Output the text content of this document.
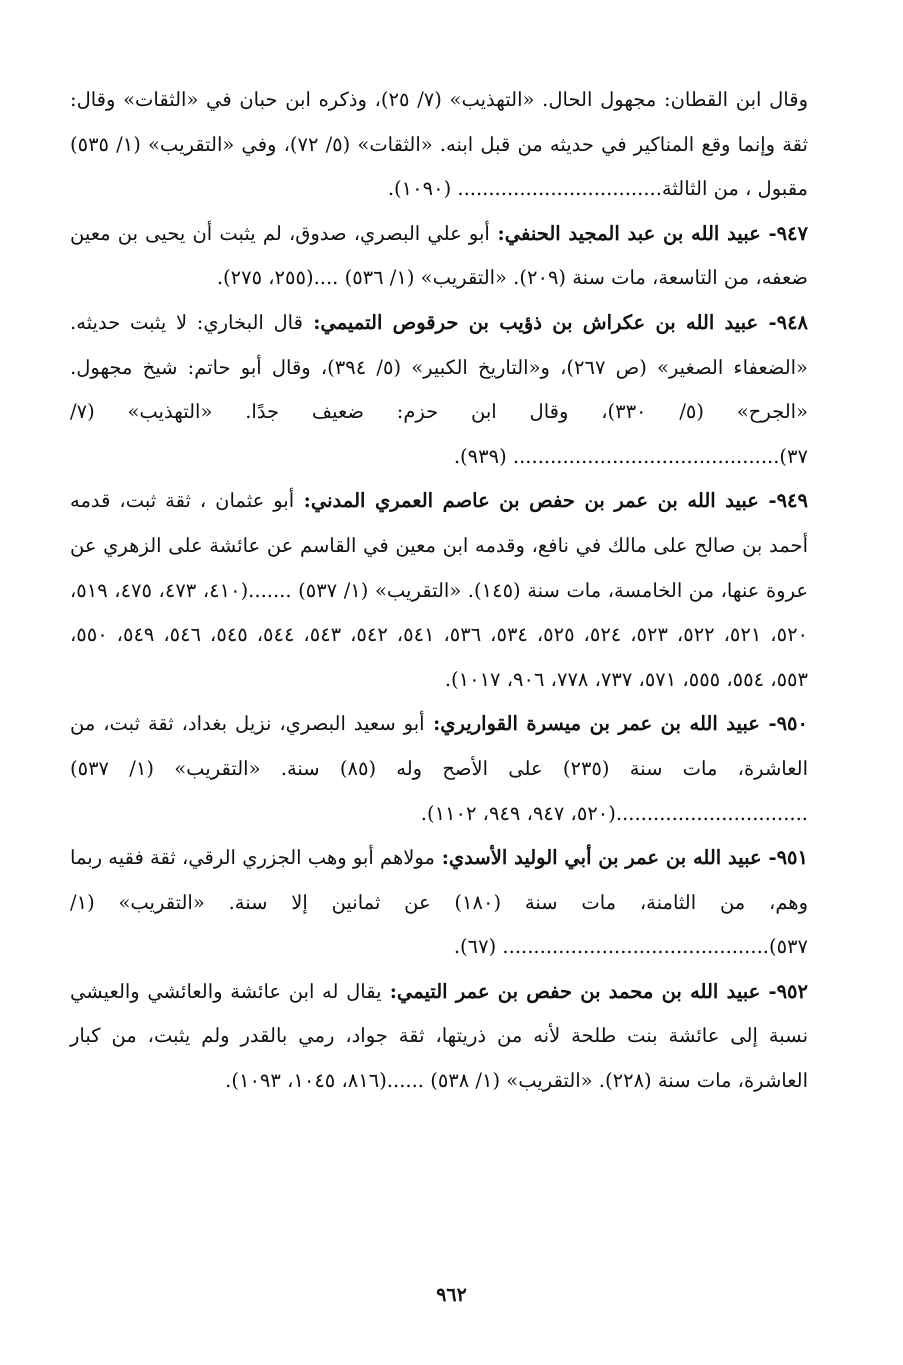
وقال ابن القطان: مجهول الحال. «التهذيب» (٧/ ٢٥)، وذكره ابن حبان في «الثقات» وقال: ثقة وإنما وقع المناكير في حديثه من قبل ابنه. «الثقات» (٥/ ٧٢)، وفي «التقريب» (١/ ٥٣٥) مقبول ، من الثالثة................................. (١٠٩٠).

٩٤٧- عبيد الله بن عبد المجيد الحنفي: أبو علي البصري، صدوق، لم يثبت أن يحيى بن معين ضعفه، من التاسعة، مات سنة (٢٠٩). «التقريب» (١/ ٥٣٦) ....(٢٥٥، ٢٧٥).

٩٤٨- عبيد الله بن عكراش بن ذؤيب بن حرقوص التميمي: قال البخاري: لا يثبت حديثه. «الضعفاء الصغير» (ص ٢٦٧)، و«التاريخ الكبير» (٥/ ٣٩٤)، وقال أبو حاتم: شيخ مجهول. «الجرح» (٥/ ٣٣٠)، وقال ابن حزم: ضعيف جدًا. «التهذيب» (٧/ ٣٧)........................................... (٩٣٩).

٩٤٩- عبيد الله بن عمر بن حفص بن عاصم العمري المدني: أبو عثمان ، ثقة ثبت، قدمه أحمد بن صالح على مالك في نافع، وقدمه ابن معين في القاسم عن عائشة على الزهري عن عروة عنها، من الخامسة، مات سنة (١٤٥). «التقريب» (١/ ٥٣٧) .......(٤١٠، ٤٧٣، ٤٧٥، ٥١٩، ٥٢٠، ٥٢١، ٥٢٢، ٥٢٣، ٥٢٤، ٥٢٥، ٥٣٤، ٥٣٦، ٥٤١، ٥٤٢، ٥٤٣، ٥٤٤، ٥٤٥، ٥٤٦، ٥٤٩، ٥٥٠، ٥٥٣، ٥٥٤، ٥٥٥، ٥٧١، ٧٣٧، ٧٧٨، ٩٠٦، ١٠١٧).

٩٥٠- عبيد الله بن عمر بن ميسرة القواريري: أبو سعيد البصري، نزيل بغداد، ثقة ثبت، من العاشرة، مات سنة (٢٣٥) على الأصح وله (٨٥) سنة. «التقريب» (١/ ٥٣٧) ...............................(٥٢٠، ٩٤٧، ٩٤٩، ١١٠٢).

٩٥١- عبيد الله بن عمر بن أبي الوليد الأسدي: مولاهم أبو وهب الجزري الرقي، ثقة فقيه ربما وهم، من الثامنة، مات سنة (١٨٠) عن ثمانين إلا سنة. «التقريب» (١/ ٥٣٧)........................................... (٦٧).

٩٥٢- عبيد الله بن محمد بن حفص بن عمر التيمي: يقال له ابن عائشة والعائشي والعيشي نسبة إلى عائشة بنت طلحة لأنه من ذريتها، ثقة جواد، رمي بالقدر ولم يثبت، من كبار العاشرة، مات سنة (٢٢٨). «التقريب» (١/ ٥٣٨) ......(٨١٦، ١٠٤٥، ١٠٩٣).

٩٦٢
